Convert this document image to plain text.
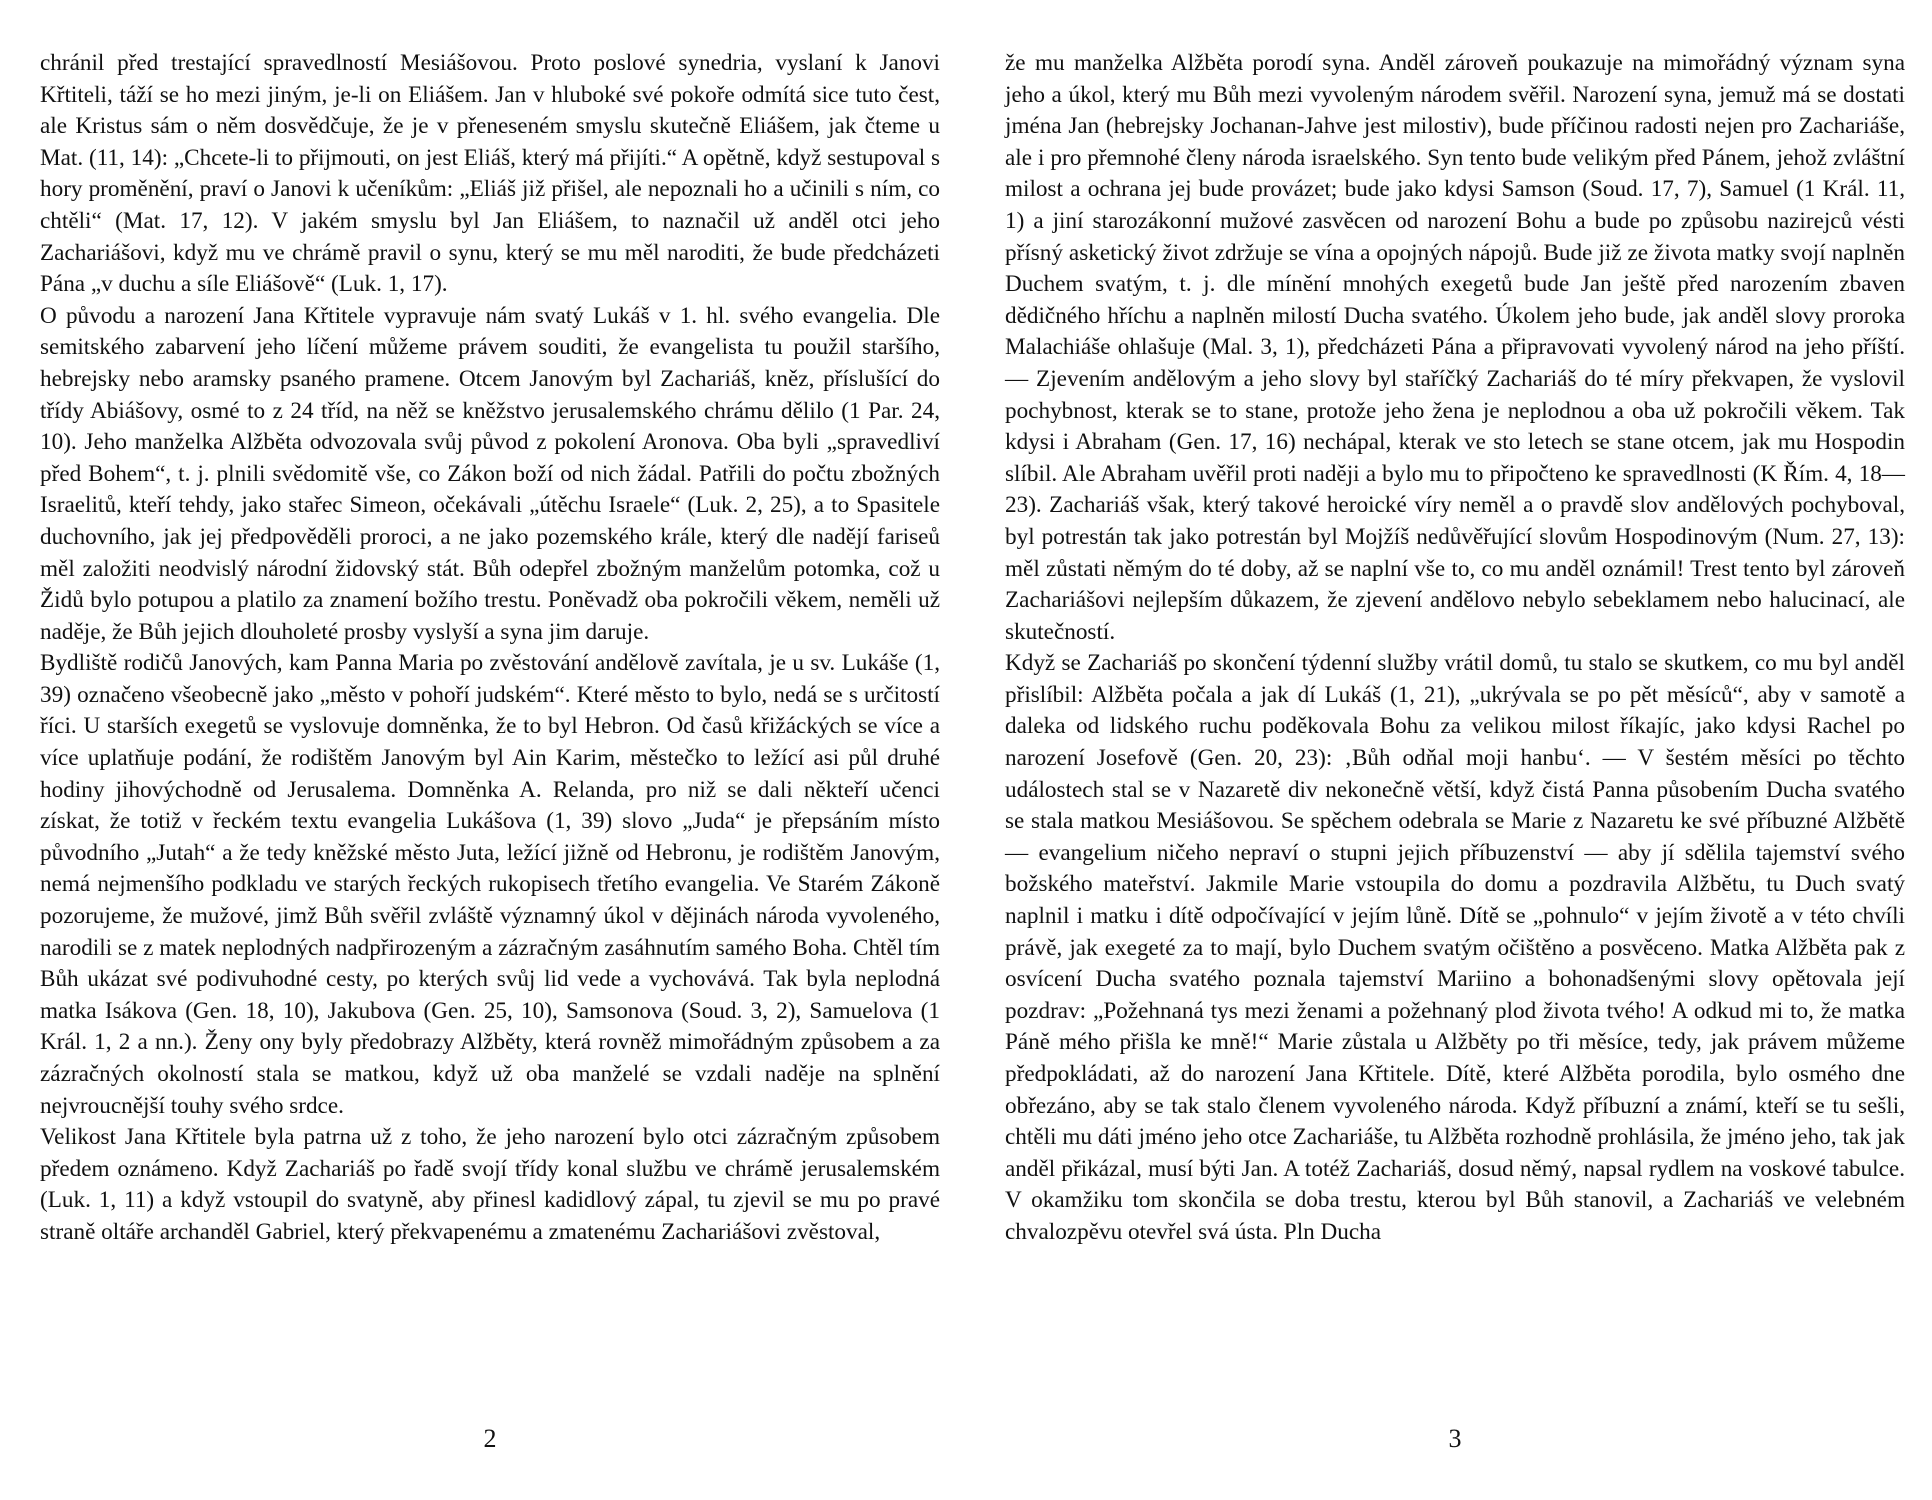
chránil před trestající spravedlností Mesiášovou. Proto poslové synedria, vyslaní k Janovi Křtiteli, táží se ho mezi jiným, je-li on Eliášem. Jan v hluboké své pokoře odmítá sice tuto čest, ale Kristus sám o něm dosvědčuje, že je v přeneseném smyslu skutečně Eliášem, jak čteme u Mat. (11, 14): „Chcete-li to přijmouti, on jest Eliáš, který má přijíti.“ A opětně, když sestupoval s hory proměnění, praví o Janovi k učeníkům: „Eliáš již přišel, ale nepoznali ho a učinili s ním, co chtěli“ (Mat. 17, 12). V jakém smyslu byl Jan Eliášem, to naznačil už anděl otci jeho Zachariášovi, když mu ve chrámě pravil o synu, který se mu měl naroditi, že bude předcházeti Pána „v duchu a síle Eliášově“ (Luk. 1, 17).

O původu a narození Jana Křtitele vypravuje nám svatý Lukáš v 1. hl. svého evangelia. Dle semitského zabarvení jeho líčení můžeme právem souditi, že evangelista tu použil staršího, hebrejsky nebo aramsky psaného pramene. Otcem Janovým byl Zachariáš, kněz, příslušící do třídy Abiášovy, osmé to z 24 tříd, na něž se kněžstvo jerusalemského chrámu dělilo (1 Par. 24, 10). Jeho manželka Alžběta odvozovala svůj původ z pokolení Aronova. Oba byli „spravedliví před Bohem“, t. j. plnili svědomitě vše, co Zákon boží od nich žádal. Patřili do počtu zbožných Israelitů, kteří tehdy, jako stařec Simeon, očekávali „útěchu Israele“ (Luk. 2, 25), a to Spasitele duchovního, jak jej předpověděli proroci, a ne jako pozemského krále, který dle nadějí fariseů měl založiti neodvislý národní židovský stát. Bůh odepřel zbožným manželům potomka, což u Židů bylo potupou a platilo za znamení božího trestu. Poněvadž oba pokročili věkem, neměli už naděje, že Bůh jejich dlouholeté prosby vyslyší a syna jim daruje.

Bydliště rodičů Janových, kam Panna Maria po zvěstování andělově zavítala, je u sv. Lukáše (1, 39) označeno všeobecně jako „město v pohoří judském“. Které město to bylo, nedá se s určitostí říci. U starších exegetů se vyslovuje domněnka, že to byl Hebron. Od časů křižáckých se více a více uplatňuje podání, že rodištěm Janovým byl Ain Karim, městečko to ležící asi půl druhé hodiny jihovýchodně od Jerusalema. Domněnka A. Relanda, pro niž se dali někteří učenci získat, že totiž v řeckém textu evangelia Lukášova (1, 39) slovo „Juda“ je přepsáním místo původního „Jutah“ a že tedy kněžské město Juta, ležící jižně od Hebronu, je rodištěm Janovým, nemá nejmenšího podkladu ve starých řeckých rukopisech třetího evangelia. Ve Starém Zákoně pozorujeme, že mužové, jimž Bůh svěřil zvláště významný úkol v dějinách národa vyvoleného, narodili se z matek neplodných nadpřirozeným a zázračným zasáhnutím samého Boha. Chtěl tím Bůh ukázat své podivuhodné cesty, po kterých svůj lid vede a vychovává. Tak byla neplodná matka Isákova (Gen. 18, 10), Jakubova (Gen. 25, 10), Samsonova (Soud. 3, 2), Samuelova (1 Král. 1, 2 a nn.). Ženy ony byly předobrazy Alžběty, která rovněž mimořádným způsobem a za zázračných okolností stala se matkou, když už oba manželé se vzdali naděje na splnění nejvroucnější touhy svého srdce.

Velikost Jana Křtitele byla patrna už z toho, že jeho narození bylo otci zázračným způsobem předem oznámeno. Když Zachariáš po řadě svojí třídy konal službu ve chrámě jerusalemském (Luk. 1, 11) a když vstoupil do svatyně, aby přinesl kadidlový zápal, tu zjevil se mu po pravé straně oltáře archanděl Gabriel, který překvapenému a zmatenému Zachariášovi zvěstoval,

2

že mu manželka Alžběta porodí syna. Anděl zároveň poukazuje na mimořádný význam syna jeho a úkol, který mu Bůh mezi vyvoleným národem svěřil. Narození syna, jemuž má se dostati jména Jan (hebrejsky Jochanan-Jahve jest milostiv), bude příčinou radosti nejen pro Zachariáše, ale i pro přemnohé členy národa israelského. Syn tento bude velikým před Pánem, jehož zvláštní milost a ochrana jej bude provázet; bude jako kdysi Samson (Soud. 17, 7), Samuel (1 Král. 11, 1) a jiní starozákonní mužové zasvěcen od narození Bohu a bude po způsobu nazirejců vésti přísný asketický život zdržuje se vína a opojných nápojů. Bude již ze života matky svojí naplněn Duchem svatým, t. j. dle mínění mnohých exegetů bude Jan ještě před narozením zbaven dědičného hříchu a naplněn milostí Ducha svatého. Úkolem jeho bude, jak anděl slovy proroka Malachiáše ohlašuje (Mal. 3, 1), předcházeti Pána a připravovati vyvolený národ na jeho příští. — Zjevením andělovým a jeho slovy byl staříčký Zachariáš do té míry překvapen, že vyslovil pochybnost, kterak se to stane, protože jeho žena je neplodnou a oba už pokročili věkem. Tak kdysi i Abraham (Gen. 17, 16) nechápal, kterak ve sto letech se stane otcem, jak mu Hospodin slíbil. Ale Abraham uvěřil proti naději a bylo mu to připočteno ke spravedlnosti (K Řím. 4, 18—23). Zachariáš však, který takové heroické víry neměl a o pravdě slov andělových pochyboval, byl potrestán tak jako potrestán byl Mojžíš nedůvěřující slovům Hospodinovým (Num. 27, 13): měl zůstati němým do té doby, až se naplní vše to, co mu anděl oznámil! Trest tento byl zároveň Zachariášovi nejlepším důkazem, že zjevení andělovo nebylo sebeklamem nebo halucinací, ale skutečností.

Když se Zachariáš po skončení týdenní služby vrátil domů, tu stalo se skutkem, co mu byl anděl přislíbil: Alžběta počala a jak dí Lukáš (1, 21), „ukrývala se po pět měsíců“, aby v samotě a daleka od lidského ruchu poděkovala Bohu za velikou milost říkajíc, jako kdysi Rachel po narození Josefově (Gen. 20, 23): ‚Bůh odňal moji hanbu‘. — V šestém měsíci po těchto událostech stal se v Nazaretě div nekonečně větší, když čistá Panna působením Ducha svatého se stala matkou Mesiášovou. Se spěchem odebrala se Marie z Nazaretu ke své příbuzné Alžbětě — evangelium ničeho nepraví o stupni jejich příbuzenství — aby jí sdělila tajemství svého božského mateřství. Jakmile Marie vstoupila do domu a pozdravila Alžbětu, tu Duch svatý naplnil i matku i dítě odpočívající v jejím lůně. Dítě se „pohnulo“ v jejím životě a v této chvíli právě, jak exegeté za to mají, bylo Duchem svatým očištěno a posvěceno. Matka Alžběta pak z osvícení Ducha svatého poznala tajemství Mariino a bohonadšenými slovy opětovala její pozdrav: „Požehnaná tys mezi ženami a požehnaný plod života tvého! A odkud mi to, že matka Páně mého přišla ke mně!“ Marie zůstala u Alžběty po tři měsíce, tedy, jak právem můžeme předpokládati, až do narození Jana Křtitele. Dítě, které Alžběta porodila, bylo osmého dne obřezáno, aby se tak stalo členem vyvoleného národa. Když příbuzní a známí, kteří se tu sešli, chtěli mu dáti jméno jeho otce Zachariáše, tu Alžběta rozhodně prohlásila, že jméno jeho, tak jak anděl přikázal, musí býti Jan. A totéž Zachariáš, dosud němý, napsal rydlem na voskové tabulce. V okamžiku tom skončila se doba trestu, kterou byl Bůh stanovil, a Zachariáš ve velebném chvalozpěvu otevřel svá ústa. Pln Ducha

3
